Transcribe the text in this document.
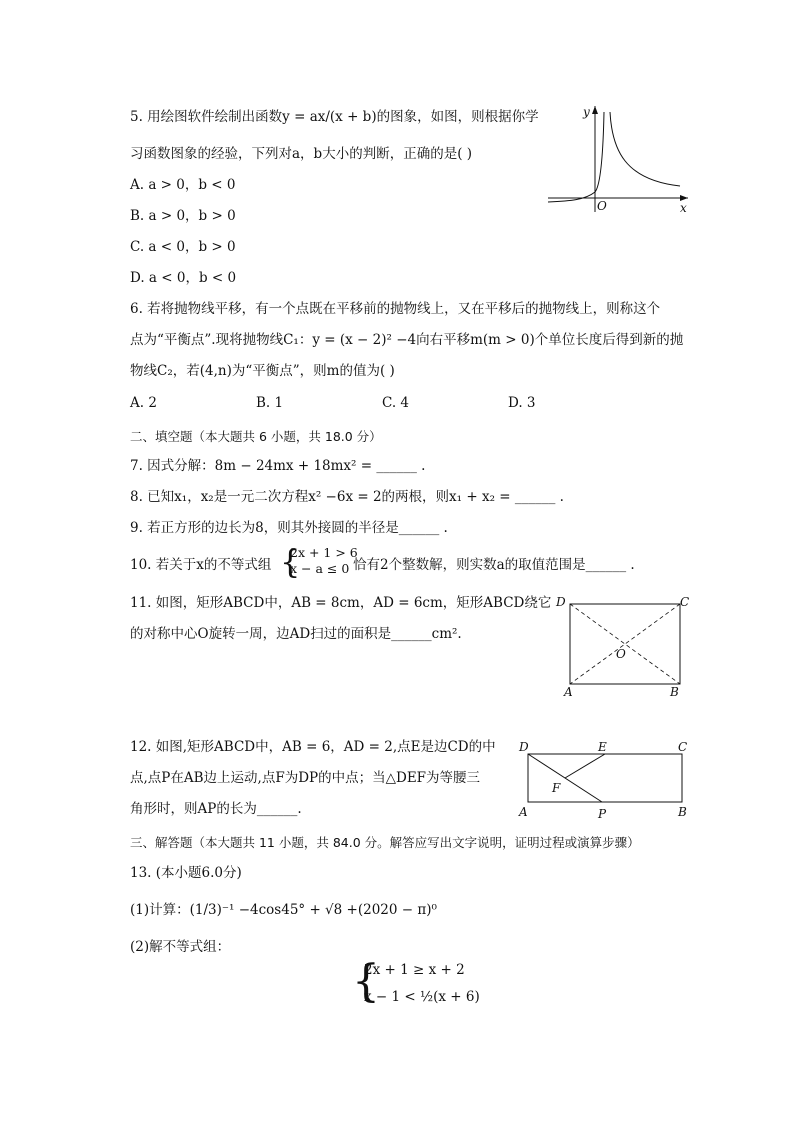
5. 用绘图软件绘制出函数y = ax/(x + b)的图象，如图，则根据你学
习函数图象的经验，下列对a，b大小的判断，正确的是( )
A. a > 0，b < 0
B. a > 0，b > 0
C. a < 0，b > 0
D. a < 0，b < 0
y
x
O
6. 若将抛物线平移，有一个点既在平移前的抛物线上，又在平移后的抛物线上，则称这个
点为“平衡点”.现将抛物线C₁：y = (x − 2)² −4向右平移m(m > 0)个单位长度后得到新的抛
物线C₂，若(4,n)为“平衡点”，则m的值为( )
A. 2	B. 1	C. 4	D. 3
二、填空题（本大题共 6 小题，共 18.0 分）
7. 因式分解：8m − 24mx + 18mx² = ______ .
8. 已知x₁，x₂是一元二次方程x² −6x = 2的两根，则x₁ + x₂ = ______ .
9. 若正方形的边长为8，则其外接圆的半径是______ .
10. 若关于x的不等式组 {
2x + 1 > 6
x − a ≤ 0 恰有2个整数解，则实数a的取值范围是______ .
11. 如图，矩形ABCD中，AB = 8cm，AD = 6cm，矩形ABCD绕它
的对称中心O旋转一周，边AD扫过的面积是______cm².
D	C
A	B
O
12. 如图,矩形ABCD中，AB = 6，AD = 2,点E是边CD的中
点,点P在AB边上运动,点F为DP的中点；当△DEF为等腰三
角形时，则AP的长为______.
D	E	C
F
A	P	B
三、解答题（本大题共 11 小题，共 84.0 分。解答应写出文字说明，证明过程或演算步骤）
13. (本小题6.0分)
(1)计算：(1/3)⁻¹ −4cos45° + √8 +(2020 − π)⁰
(2)解不等式组：
{
2x + 1 ≥ x + 2
x − 1 < ½(x + 6)
